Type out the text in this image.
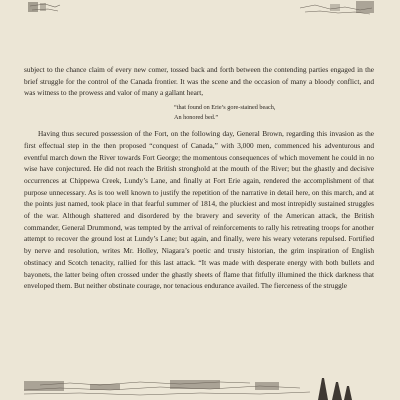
subject to the chance claim of every new comer, tossed back and forth between the contending parties engaged in the brief struggle for the control of the Canada frontier. It was the scene and the occasion of many a bloody conflict, and was witness to the prowess and valor of many a gallant heart,

“that found on Erie’s gore-stained beach,
An honored bed.”

Having thus secured possession of the Fort, on the following day, General Brown, regarding this invasion as the first effectual step in the then proposed “conquest of Canada,” with 3,000 men, commenced his adventurous and eventful march down the River towards Fort George; the momentous consequences of which movement he could in no wise have conjectured. He did not reach the British stronghold at the mouth of the River; but the ghastly and decisive occurrences at Chippewa Creek, Lundy’s Lane, and finally at Fort Erie again, rendered the accomplishment of that purpose unnecessary. As is too well known to justify the repetition of the narrative in detail here, on this march, and at the points just named, took place in that fearful summer of 1814, the pluckiest and most intrepidly sustained struggles of the war. Although shattered and disordered by the bravery and severity of the American attack, the British commander, General Drummond, was tempted by the arrival of reinforcements to rally his retreating troops for another attempt to recover the ground lost at Lundy’s Lane; but again, and finally, were his weary veterans repulsed. Fortified by nerve and resolution, writes Mr. Holley, Niagara’s poetic and trusty historian, the grim inspiration of English obstinacy and Scotch tenacity, rallied for this last attack. “It was made with desperate energy with both bullets and bayonets, the latter being often crossed under the ghastly sheets of flame that fitfully illumined the thick darkness that enveloped them. But neither obstinate courage, nor tenacious endurance availed. The fierceness of the struggle
